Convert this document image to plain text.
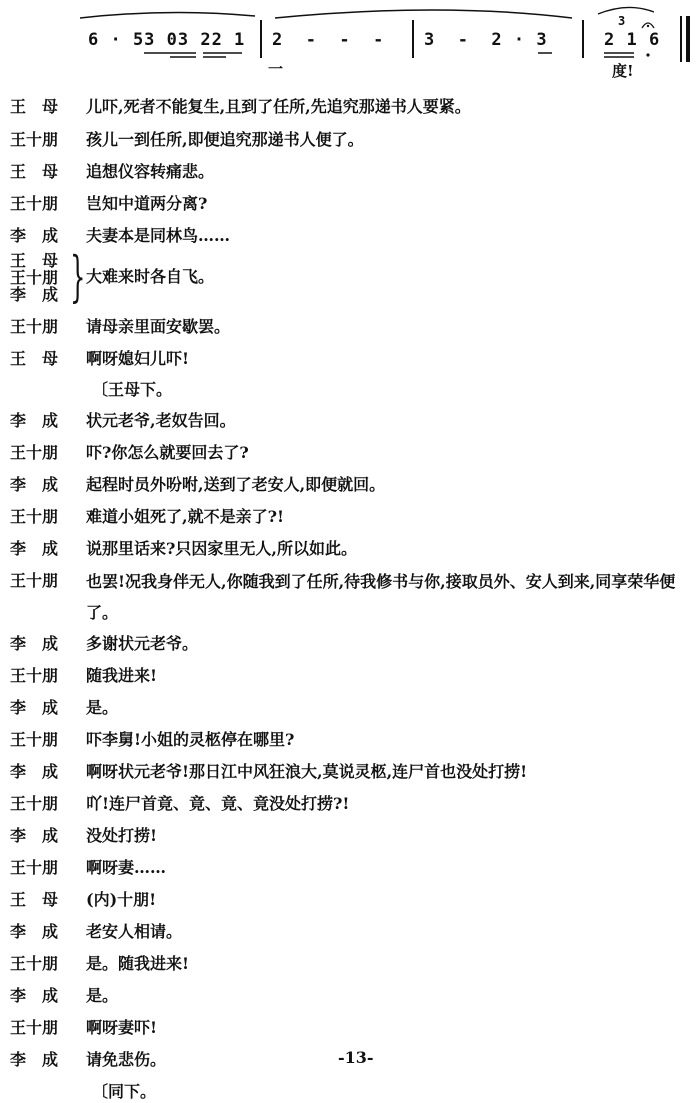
6 · 53 03 22 1 2  -  -  - 3  -  2 · 3	2 1 6
3
一	度!
王　母	儿吓,死者不能复生,且到了任所,先追究那递书人要紧。
王十朋	孩儿一到任所,即便追究那递书人便了。
王　母	追想仪容转痛悲。
王十朋	岂知中道两分离?
李　成	夫妻本是同林鸟……
王　母
王十朋
李　成 } 大难来时各自飞。
王十朋	请母亲里面安歇罢。
王　母	啊呀媳妇儿吓!
〔王母下。
李　成	状元老爷,老奴告回。
王十朋	吓?你怎么就要回去了?
李　成	起程时员外吩咐,送到了老安人,即便就回。
王十朋	难道小姐死了,就不是亲了?!
李　成	说那里话来?只因家里无人,所以如此。
王十朋	也罢!况我身伴无人,你随我到了任所,待我修书与你,接取员外、安人到来,同享荣华便了。
李　成	多谢状元老爷。
王十朋	随我进来!
李　成	是。
王十朋	吓李舅!小姐的灵柩停在哪里?
李　成	啊呀状元老爷!那日江中风狂浪大,莫说灵柩,连尸首也没处打捞!
王十朋	吖!连尸首竟、竟、竟、竟没处打捞?!
李　成	没处打捞!
王十朋	啊呀妻……
王　母	(内)十朋!
李　成	老安人相请。
王十朋	是。随我进来!
李　成	是。
王十朋	啊呀妻吓!
李　成	请免悲伤。
〔同下。
-13-
